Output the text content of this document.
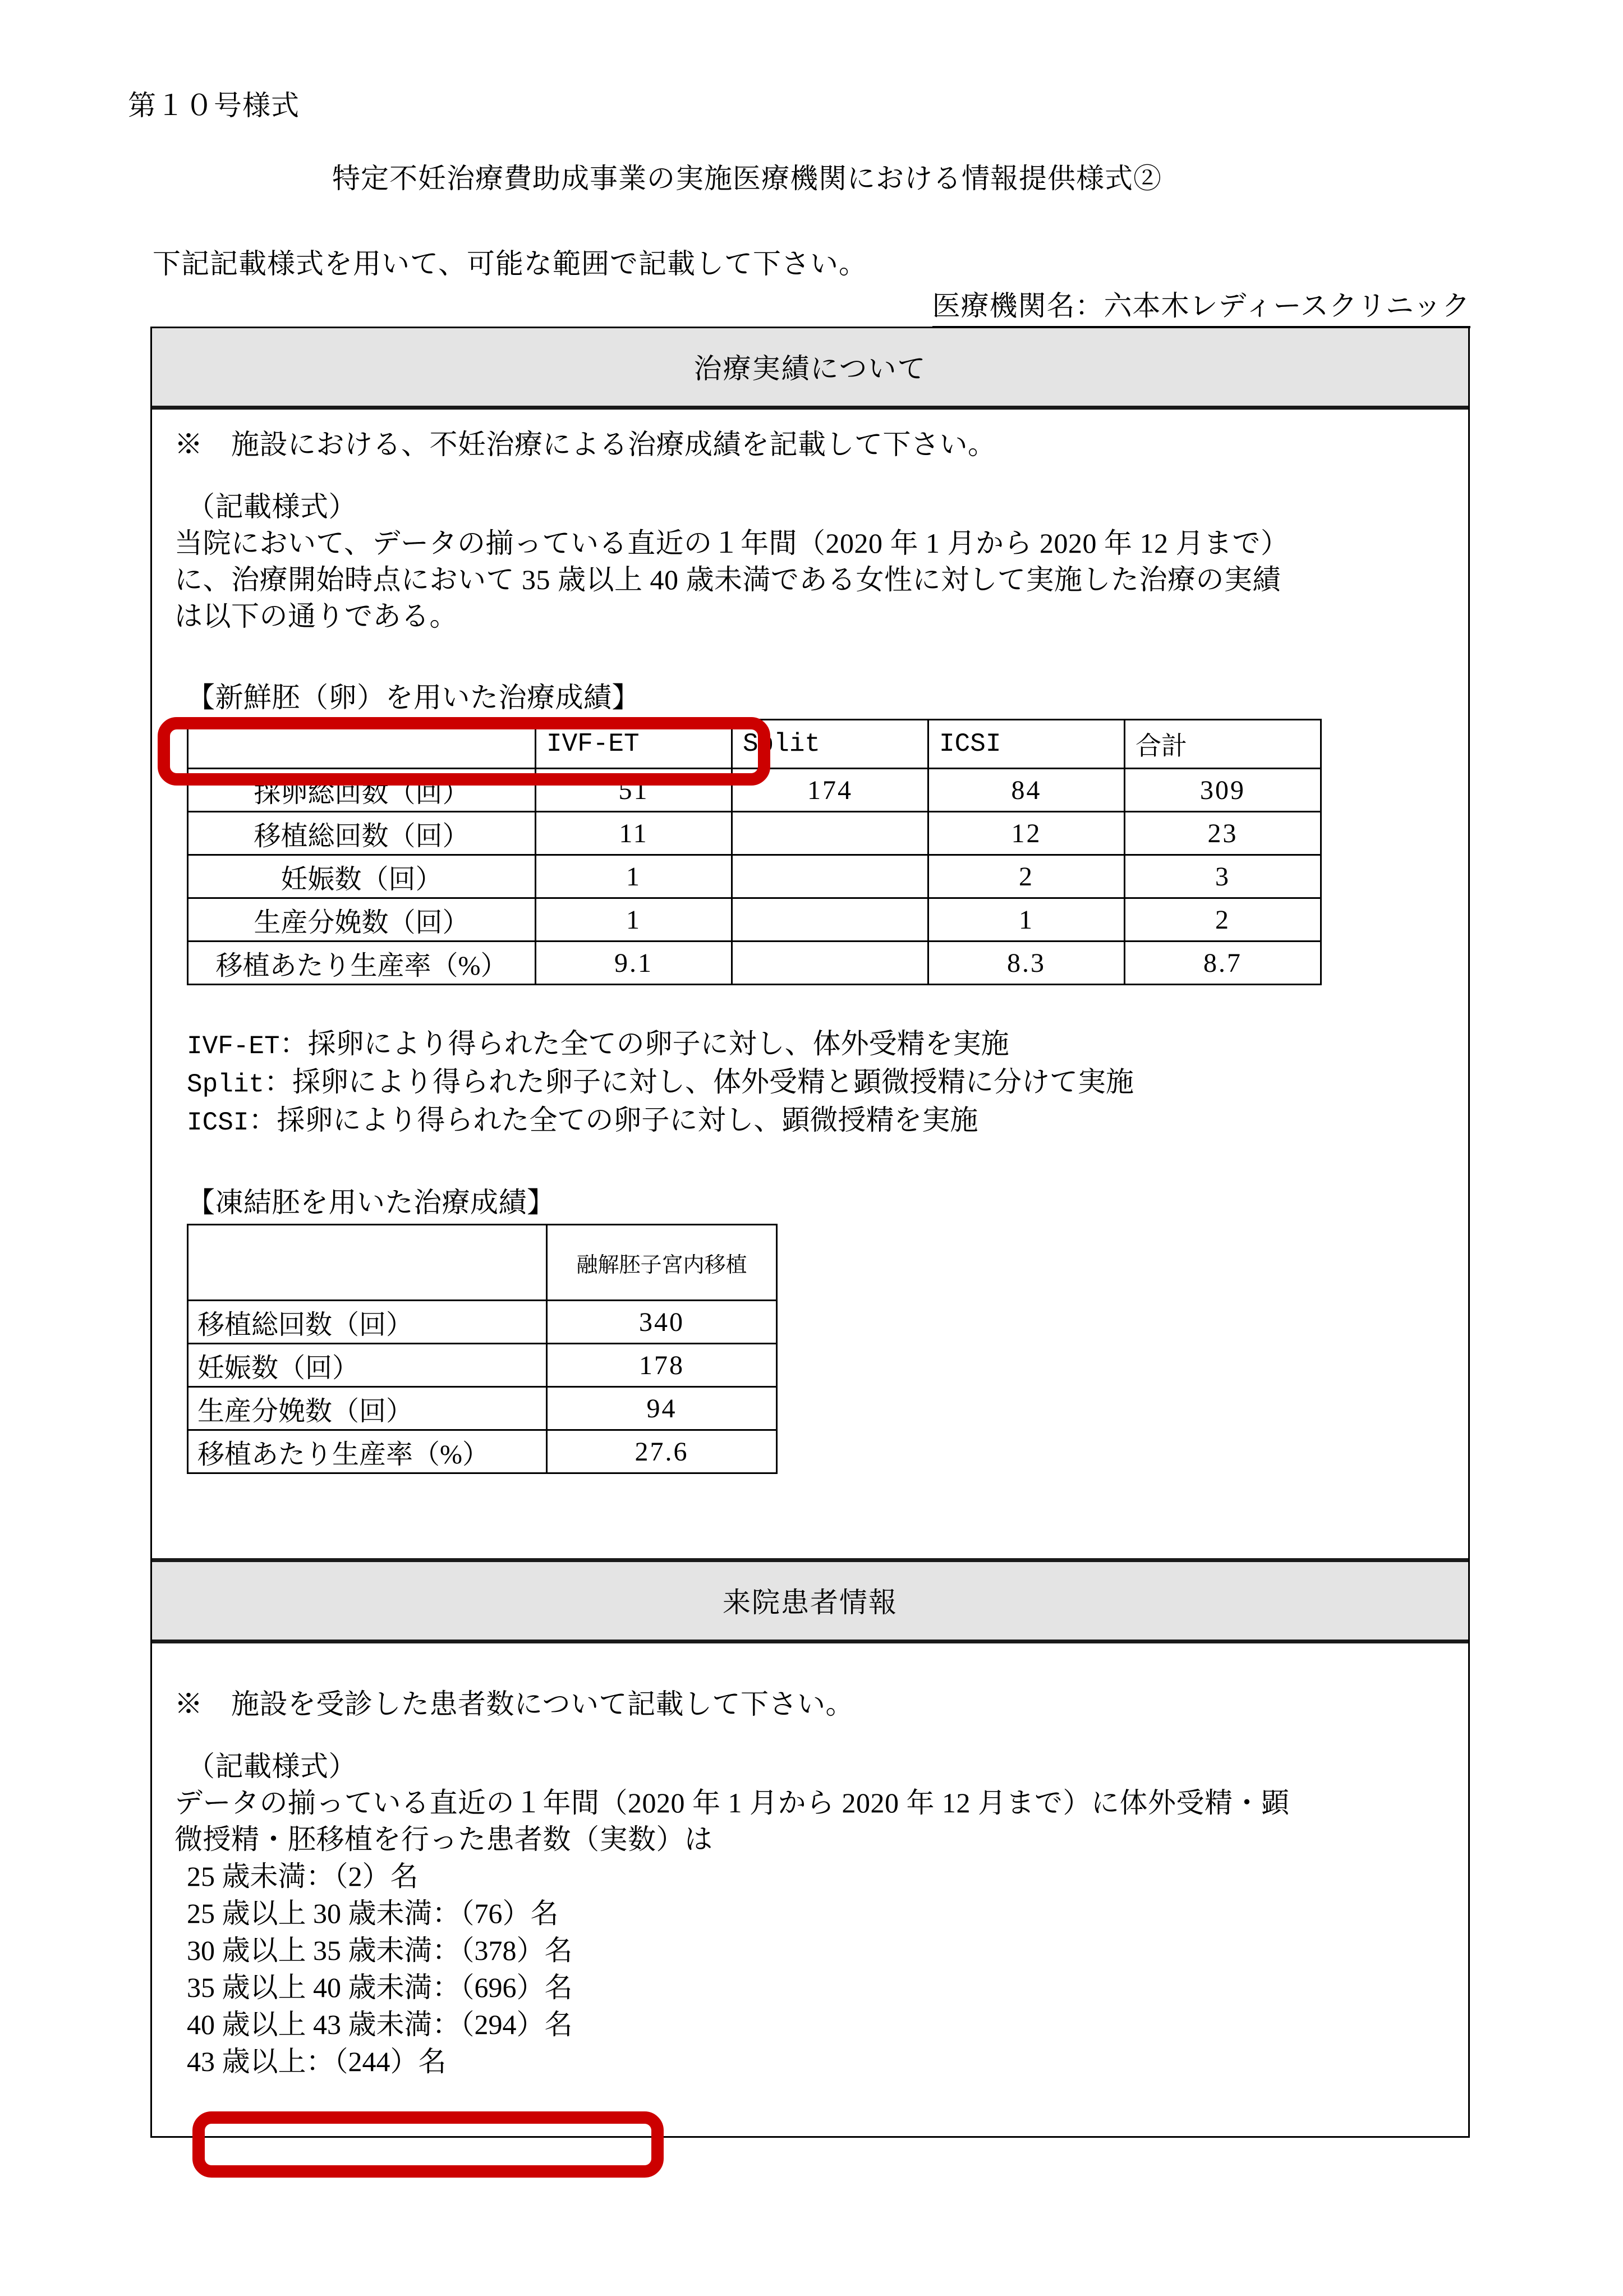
第１０号様式
特定不妊治療費助成事業の実施医療機関における情報提供様式②
下記記載様式を用いて、可能な範囲で記載して下さい。
医療機関名：六本木レディースクリニック
治療実績について

※　施設における、不妊治療による治療成績を記載して下さい。

（記載様式）

当院において、データの揃っている直近の１年間（2020 年 1 月から 2020 年 12 月まで）

に、治療開始時点において 35 歳以上 40 歳未満である女性に対して実施した治療の実績

は以下の通りである。

【新鮮胚（卵）を用いた治療成績】
	IVF-ET	Split	ICSI	合計
採卵総回数（回）	51	174	84	309
移植総回数（回）	11		12	23
妊娠数（回）	1		2	3
生産分娩数（回）	1		1	2
移植あたり生産率（%）	9.1		8.3	8.7
IVF-ET：採卵により得られた全ての卵子に対し、体外受精を実施
Split：採卵により得られた卵子に対し、体外受精と顕微授精に分けて実施
ICSI：採卵により得られた全ての卵子に対し、顕微授精を実施
【凍結胚を用いた治療成績】
	融解胚子宮内移植
移植総回数（回）	340
妊娠数（回）	178
生産分娩数（回）	94
移植あたり生産率（%）	27.6
来院患者情報

※　施設を受診した患者数について記載して下さい。

（記載様式）

データの揃っている直近の１年間（2020 年 1 月から 2020 年 12 月まで）に体外受精・顕

微授精・胚移植を行った患者数（実数）は

25 歳未満：（2）名
25 歳以上 30 歳未満：（76）名
30 歳以上 35 歳未満：（378）名
35 歳以上 40 歳未満：（696）名
40 歳以上 43 歳未満：（294）名
43 歳以上：（244）名
